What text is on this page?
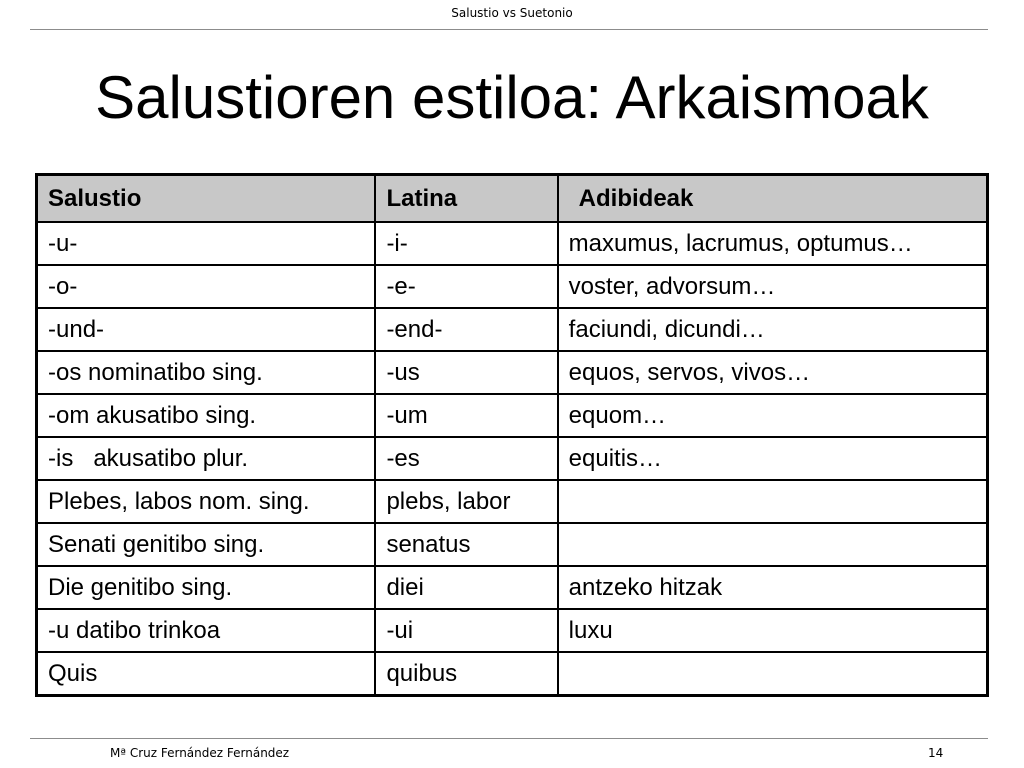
Salustio vs Suetonio
Salustioren estiloa: Arkaismoak
Salustio	Latina	Adibideak
-u-	-i-	maxumus, lacrumus, optumus…
-o-	-e-	voster, advorsum…
-und-	-end-	faciundi, dicundi…
-os nominatibo sing.	-us	equos, servos, vivos…
-om akusatibo sing.	-um	equom…
-is   akusatibo plur.	-es	equitis…
Plebes, labos nom. sing.	plebs, labor	
Senati genitibo sing.	senatus	
Die genitibo sing.	diei	antzeko hitzak
-u datibo trinkoa	-ui	luxu
Quis	quibus	
Mª Cruz Fernández Fernández	14
